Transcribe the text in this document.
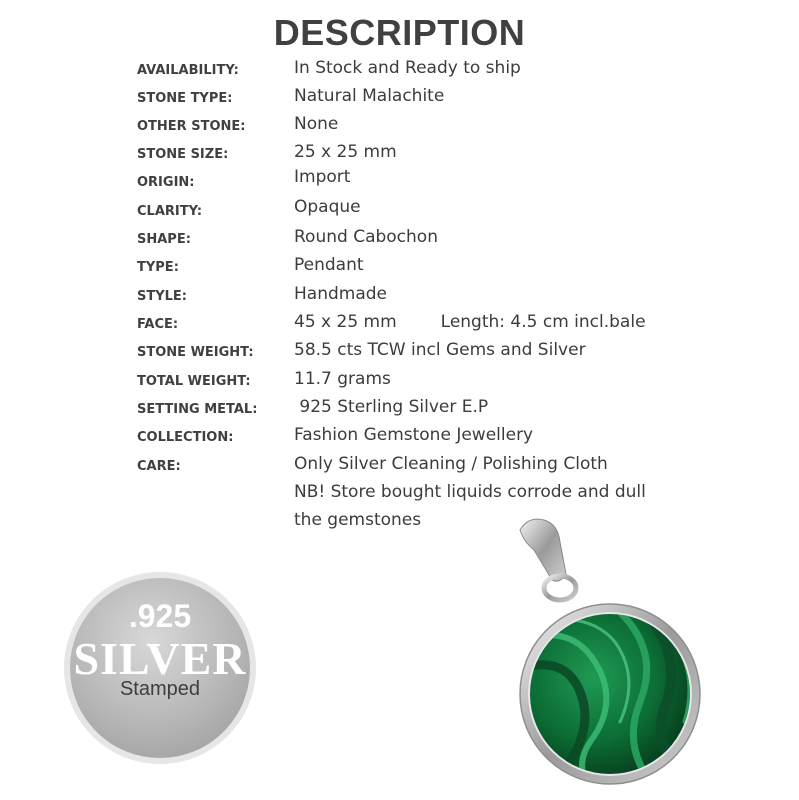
DESCRIPTION
AVAILABILITY:	In Stock and Ready to ship
STONE TYPE:	Natural Malachite
OTHER STONE:	None
STONE SIZE:	25 x 25 mm
ORIGIN:	Import
CLARITY:	Opaque
SHAPE:	Round Cabochon
TYPE:	Pendant
STYLE:	Handmade
FACE:	45 x 25 mm	Length: 4.5 cm incl.bale
STONE WEIGHT: 58.5 cts TCW incl Gems and Silver
TOTAL WEIGHT:	11.7 grams
SETTING METAL: 925 Sterling Silver E.P
COLLECTION:	Fashion Gemstone Jewellery
CARE:	Only Silver Cleaning / Polishing Cloth
NB! Store bought liquids corrode and dull
the gemstones
.925
SILVER
Stamped
